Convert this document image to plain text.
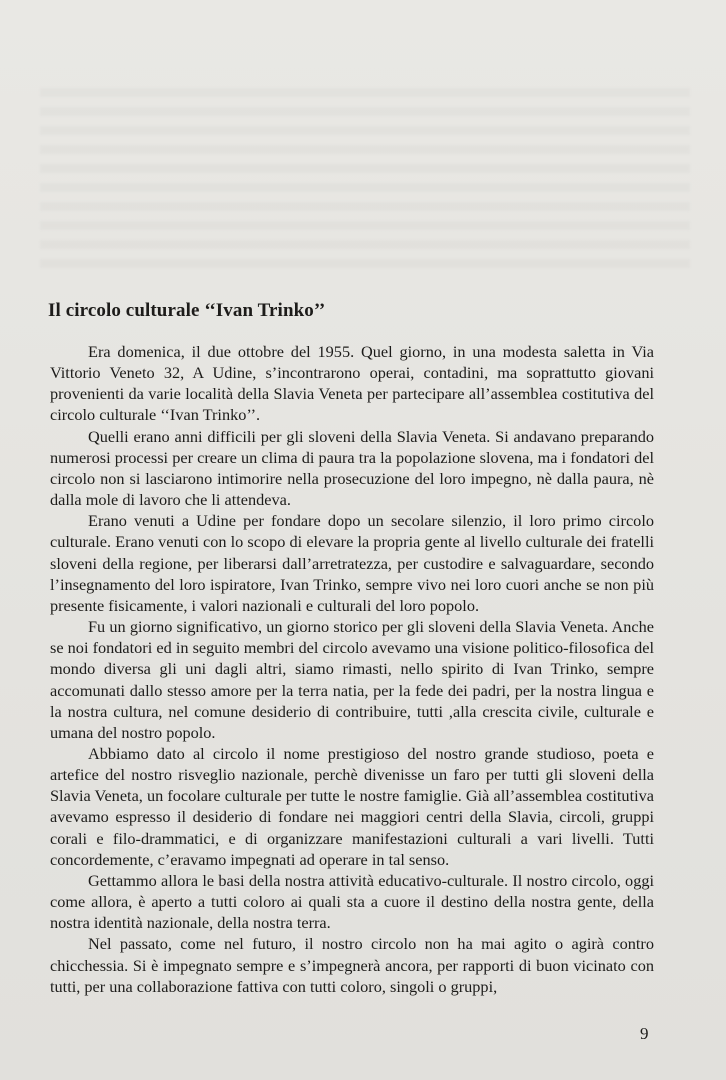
Il circolo culturale ‘‘Ivan Trinko’’

Era domenica, il due ottobre del 1955. Quel giorno, in una modesta saletta in Via Vittorio Veneto 32, A Udine, s’incontrarono operai, contadini, ma soprattutto giovani provenienti da varie località della Slavia Veneta per partecipare all’assemblea costitutiva del circolo culturale ‘‘Ivan Trinko’’.

Quelli erano anni difficili per gli sloveni della Slavia Veneta. Si andavano preparando numerosi processi per creare un clima di paura tra la popolazione slovena, ma i fondatori del circolo non si lasciarono intimorire nella prosecuzione del loro impegno, nè dalla paura, nè dalla mole di lavoro che li attendeva.

Erano venuti a Udine per fondare dopo un secolare silenzio, il loro primo circolo culturale. Erano venuti con lo scopo di elevare la propria gente al livello culturale dei fratelli sloveni della regione, per liberarsi dall’arretratezza, per custodire e salvaguardare, secondo l’insegnamento del loro ispiratore, Ivan Trinko, sempre vivo nei loro cuori anche se non più presente fisicamente, i valori nazionali e culturali del loro popolo.

Fu un giorno significativo, un giorno storico per gli sloveni della Slavia Veneta. Anche se noi fondatori ed in seguito membri del circolo avevamo una visione politico-filosofica del mondo diversa gli uni dagli altri, siamo rimasti, nello spirito di Ivan Trinko, sempre accomunati dallo stesso amore per la terra natia, per la fede dei padri, per la nostra lingua e la nostra cultura, nel comune desiderio di contribuire, tutti ,alla crescita civile, culturale e umana del nostro popolo.

Abbiamo dato al circolo il nome prestigioso del nostro grande studioso, poeta e artefice del nostro risveglio nazionale, perchè divenisse un faro per tutti gli sloveni della Slavia Veneta, un focolare culturale per tutte le nostre famiglie. Già all’assemblea costitutiva avevamo espresso il desiderio di fondare nei maggiori centri della Slavia, circoli, gruppi corali e filo-drammatici, e di organizzare manifestazioni culturali a vari livelli. Tutti concordemente, c’eravamo impegnati ad operare in tal senso.

Gettammo allora le basi della nostra attività educativo-culturale. Il nostro circolo, oggi come allora, è aperto a tutti coloro ai quali sta a cuore il destino della nostra gente, della nostra identità nazionale, della nostra terra.

Nel passato, come nel futuro, il nostro circolo non ha mai agito o agirà contro chicchessia. Si è impegnato sempre e s’impegnerà ancora, per rapporti di buon vicinato con tutti, per una collaborazione fattiva con tutti coloro, singoli o gruppi,

9
